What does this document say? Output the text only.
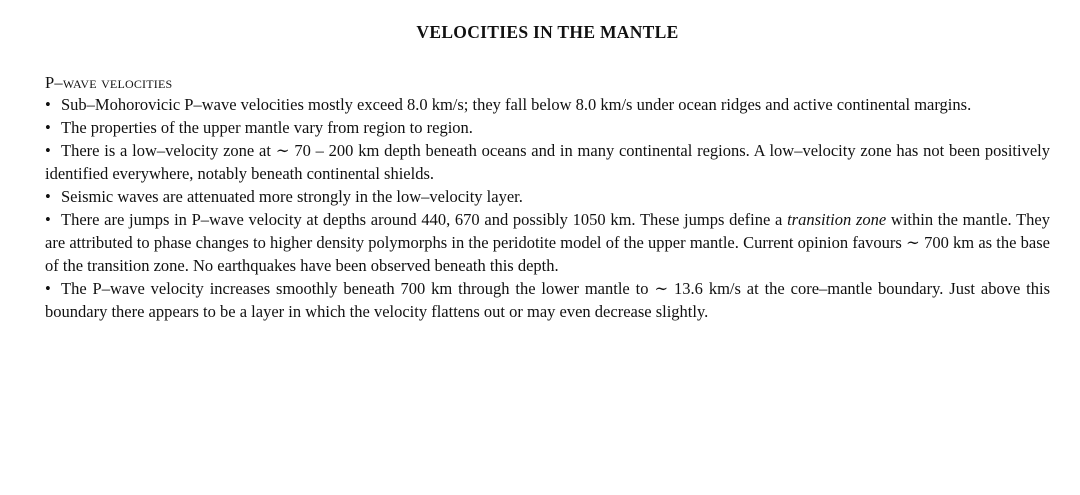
VELOCITIES IN THE MANTLE
P–wave velocities
• Sub–Mohorovicic P–wave velocities mostly exceed 8.0 km/s; they fall below 8.0 km/s under ocean ridges and active continental margins.
• The properties of the upper mantle vary from region to region.
• There is a low–velocity zone at ∼ 70 – 200 km depth beneath oceans and in many continental regions. A low–velocity zone has not been positively identified everywhere, notably beneath continental shields.
• Seismic waves are attenuated more strongly in the low–velocity layer.
• There are jumps in P–wave velocity at depths around 440, 670 and possibly 1050 km. These jumps define a transition zone within the mantle. They are attributed to phase changes to higher density polymorphs in the peridotite model of the upper mantle. Current opinion favours ∼ 700 km as the base of the transition zone. No earthquakes have been observed beneath this depth.
• The P–wave velocity increases smoothly beneath 700 km through the lower mantle to ∼ 13.6 km/s at the core–mantle boundary. Just above this boundary there appears to be a layer in which the velocity flattens out or may even decrease slightly.
